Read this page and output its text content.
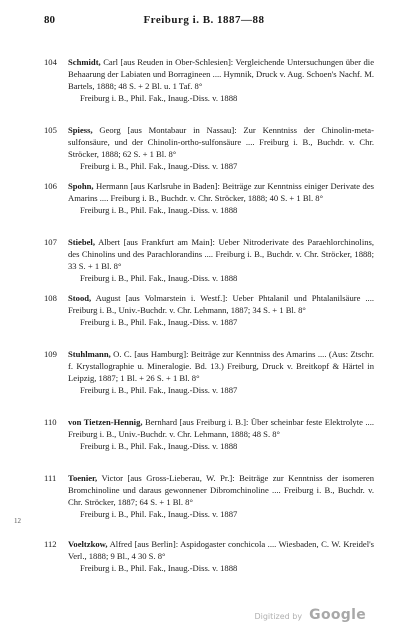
80	Freiburg i. B. 1887—88
104	Schmidt, Carl [aus Reuden in Ober-Schlesien]: Vergleichende Untersuchungen über die Behaarung der Labiaten und Borragineen .... Hymnik, Druck v. Aug. Schoen's Nachf. M. Bartels, 1888; 48 S. + 2 Bl. u. 1 Taf. 8°

Freiburg i. B., Phil. Fak., Inaug.-Diss. v. 1888
105	Spiess, Georg [aus Montabaur in Nassau]: Zur Kenntniss der Chinolin-meta-sulfonsäure, und der Chinolin-ortho-sulfonsäure .... Freiburg i. B., Buchdr. v. Chr. Ströcker, 1888; 62 S. + 1 Bl. 8°

Freiburg i. B., Phil. Fak., Inaug.-Diss. v. 1887
106	Spohn, Hermann [aus Karlsruhe in Baden]: Beiträge zur Kenntniss einiger Derivate des Amarins .... Freiburg i. B., Buchdr. v. Chr. Ströcker, 1888; 40 S. + 1 Bl. 8°

Freiburg i. B., Phil. Fak., Inaug.-Diss. v. 1888
107	Stiebel, Albert [aus Frankfurt am Main]: Ueber Nitroderivate des Paraehlorchinolins, des Chinolins und des Parachlorandins .... Freiburg i. B., Buchdr. v. Chr. Ströcker, 1888; 33 S. + 1 Bl. 8°

Freiburg i. B., Phil. Fak., Inaug.-Diss. v. 1888
108	Stood, August [aus Volmarstein i. Westf.]: Ueber Phtalanil und Phtalanilsäure .... Freiburg i. B., Univ.-Buchdr. v. Chr. Lehmann, 1887; 34 S. + 1 Bl. 8°

Freiburg i. B., Phil. Fak., Inaug.-Diss. v. 1887
109	Stuhlmann, O. C. [aus Hamburg]: Beiträge zur Kenntniss des Amarins .... (Aus: Ztschr. f. Krystallographie u. Mineralogie. Bd. 13.) Freiburg, Druck v. Breitkopf & Härtel in Leipzig, 1887; 1 Bl. + 26 S. + 1 Bl. 8°

Freiburg i. B., Phil. Fak., Inaug.-Diss. v. 1887
110	von Tietzen-Hennig, Bernhard [aus Freiburg i. B.]: Über scheinbar feste Elektrolyte .... Freiburg i. B., Univ.-Buchdr. v. Chr. Lehmann, 1888; 48 S. 8°

Freiburg i. B., Phil. Fak., Inaug.-Diss. v. 1888
111	Toenier, Victor [aus Gross-Lieberau, W. Pr.]: Beiträge zur Kenntniss der isomeren Bromchinoline und daraus gewonnener Dibromchinoline .... Freiburg i. B., Buchdr. v. Chr. Ströcker, 1887; 64 S. + 1 Bl. 8°

Freiburg i. B., Phil. Fak., Inaug.-Diss. v. 1887
112	Voeltzkow, Alfred [aus Berlin]: Aspidogaster conchicola .... Wiesbaden, C. W. Kreidel's Verl., 1888; 9 Bl., 4 30 S. 8°

Freiburg i. B., Phil. Fak., Inaug.-Diss. v. 1888
12
Digitized by Google
